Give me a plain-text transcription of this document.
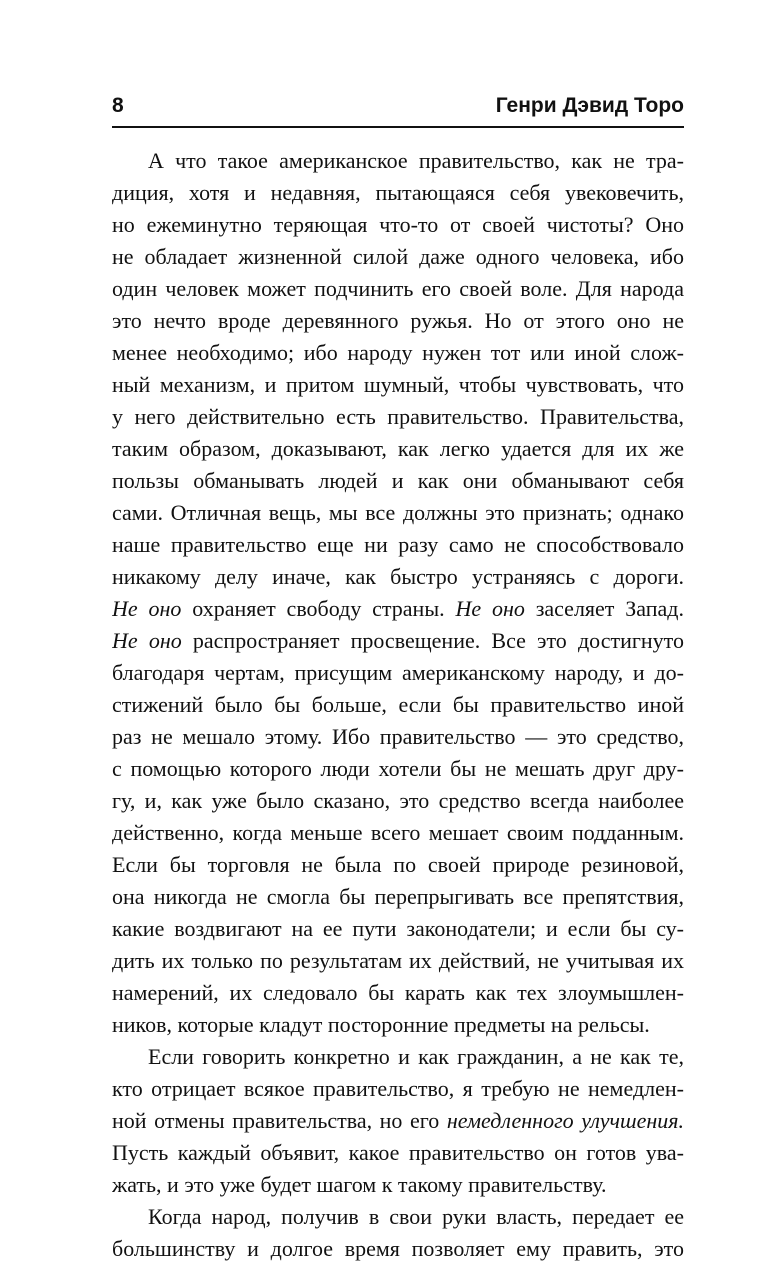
8	Генри Дэвид Торо
А что такое американское правительство, как не тра-
диция, хотя и недавняя, пытающаяся себя увековечить,
но ежеминутно теряющая что-то от своей чистоты? Оно
не обладает жизненной силой даже одного человека, ибо
один человек может подчинить его своей воле. Для народа
это нечто вроде деревянного ружья. Но от этого оно не
менее необходимо; ибо народу нужен тот или иной слож-
ный механизм, и притом шумный, чтобы чувствовать, что
у него действительно есть правительство. Правительства,
таким образом, доказывают, как легко удается для их же
пользы обманывать людей и как они обманывают себя
сами. Отличная вещь, мы все должны это признать; однако
наше правительство еще ни разу само не способствовало
никакому делу иначе, как быстро устраняясь с дороги.
Не оно охраняет свободу страны. Не оно заселяет Запад.
Не оно распространяет просвещение. Все это достигнуто
благодаря чертам, присущим американскому народу, и до-
стижений было бы больше, если бы правительство иной
раз не мешало этому. Ибо правительство — это средство,
с помощью которого люди хотели бы не мешать друг дру-
гу, и, как уже было сказано, это средство всегда наиболее
действенно, когда меньше всего мешает своим подданным.
Если бы торговля не была по своей природе резиновой,
она никогда не смогла бы перепрыгивать все препятствия,
какие воздвигают на ее пути законодатели; и если бы су-
дить их только по результатам их действий, не учитывая их
намерений, их следовало бы карать как тех злоумышлен-
ников, которые кладут посторонние предметы на рельсы.
Если говорить конкретно и как гражданин, а не как те,
кто отрицает всякое правительство, я требую не немедлен-
ной отмены правительства, но его немедленного улучшения.
Пусть каждый объявит, какое правительство он готов ува-
жать, и это уже будет шагом к такому правительству.
Когда народ, получив в свои руки власть, передает ее
большинству и долгое время позволяет ему править, это
